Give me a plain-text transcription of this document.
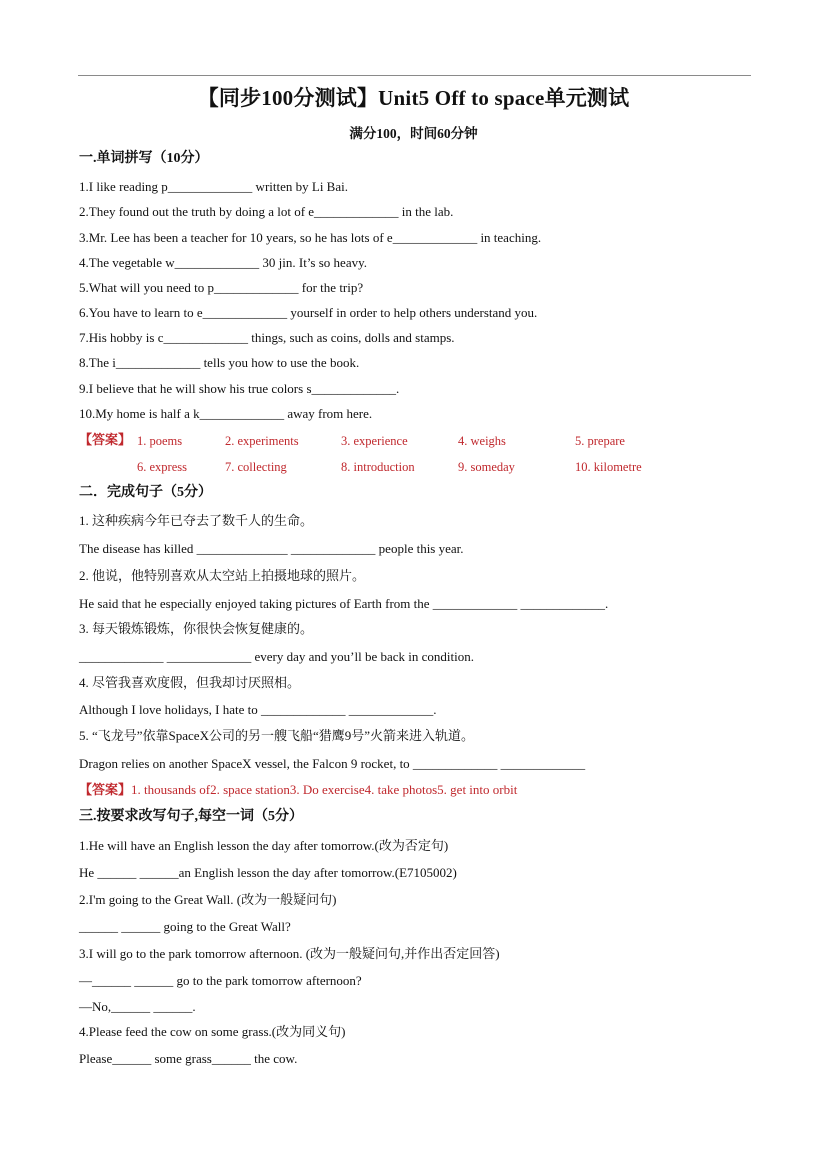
【同步100分测试】Unit5 Off to space单元测试
满分100，时间60分钟
一.单词拼写（10分）
1.I like reading p_____________ written by Li Bai.
2.They found out the truth by doing a lot of e_____________ in the lab.
3.Mr. Lee has been a teacher for 10 years, so he has lots of e_____________ in teaching.
4.The vegetable w_____________ 30 jin. It’s so heavy.
5.What will you need to p_____________ for the trip?
6.You have to learn to e_____________ yourself in order to help others understand you.
7.His hobby is c_____________ things, such as coins, dolls and stamps.
8.The i_____________ tells you how to use the book.
9.I believe that he will show his true colors s_____________.
10.My home is half a k_____________ away from here.
【答案】 1. poems	2. experiments	3. experience	4. weighs	5. prepare
6. express	7. collecting	8. introduction	9. someday	10. kilometre
二．完成句子（5分）
1. 这种疾病今年已夺去了数千人的生命。
The disease has killed ______________ _____________ people this year.
2. 他说，他特别喜欢从太空站上拍摄地球的照片。
He said that he especially enjoyed taking pictures of Earth from the _____________ _____________.
3. 每天锻炼锻炼，你很快会恢复健康的。
_____________ _____________ every day and you’ll be back in condition.
4. 尽管我喜欢度假，但我却讨厌照相。
Although I love holidays, I hate to _____________ _____________.
5. “飞龙号”依靠SpaceX公司的另一艘飞船“猎鹰9号”火箭来进入轨道。
Dragon relies on another SpaceX vessel, the Falcon 9 rocket, to _____________ _____________
【答案】1. thousands of2. space station3. Do exercise4. take photos5. get into orbit
三.按要求改写句子,每空一词（5分）
1.He will have an English lesson the day after tomorrow.(改为否定句)
He ______ ______an English lesson the day after tomorrow.(E7105002)
2.I'm going to the Great Wall. (改为一般疑问句)
______ ______ going to the Great Wall?
3.I will go to the park tomorrow afternoon. (改为一般疑问句,并作出否定回答)
—______ ______ go to the park tomorrow afternoon?
—No,______ ______.
4.Please feed the cow on some grass.(改为同义句)
Please______ some grass______ the cow.
